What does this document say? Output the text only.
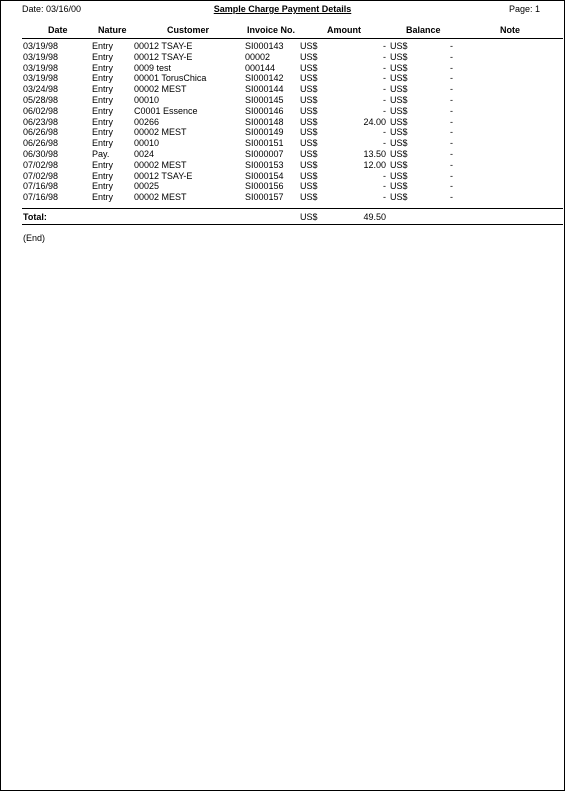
Date: 03/16/00	Sample Charge Payment Details	Page: 1
Date	Nature	Customer	Invoice No.	Amount	Balance	Note
03/19/98	Entry 00012 TSAY-E	SI000143 US$	- US$	-
03/19/98	Entry 00012 TSAY-E	00002	US$	- US$	-
03/19/98	Entry 0009 test	000144	US$	- US$	-
03/19/98	Entry 00001 TorusChica	SI000142 US$	- US$	-
03/24/98	Entry 00002 MEST	SI000144 US$	- US$	-
05/28/98	Entry 00010	SI000145 US$	- US$	-
06/02/98	Entry C0001 Essence	SI000146 US$	- US$	-
06/23/98	Entry 00266	SI000148 US$	24.00 US$	-
06/26/98	Entry 00002 MEST	SI000149 US$	- US$	-
06/26/98	Entry 00010	SI000151 US$	- US$	-
06/30/98	Pay.	0024	SI000007 US$	13.50 US$	-
07/02/98	Entry 00002 MEST	SI000153 US$	12.00 US$	-
07/02/98	Entry 00012 TSAY-E	SI000154 US$	- US$	-
07/16/98	Entry 00025	SI000156 US$	- US$	-
07/16/98	Entry 00002 MEST	SI000157 US$	- US$	-
Total:	US$	49.50
(End)
